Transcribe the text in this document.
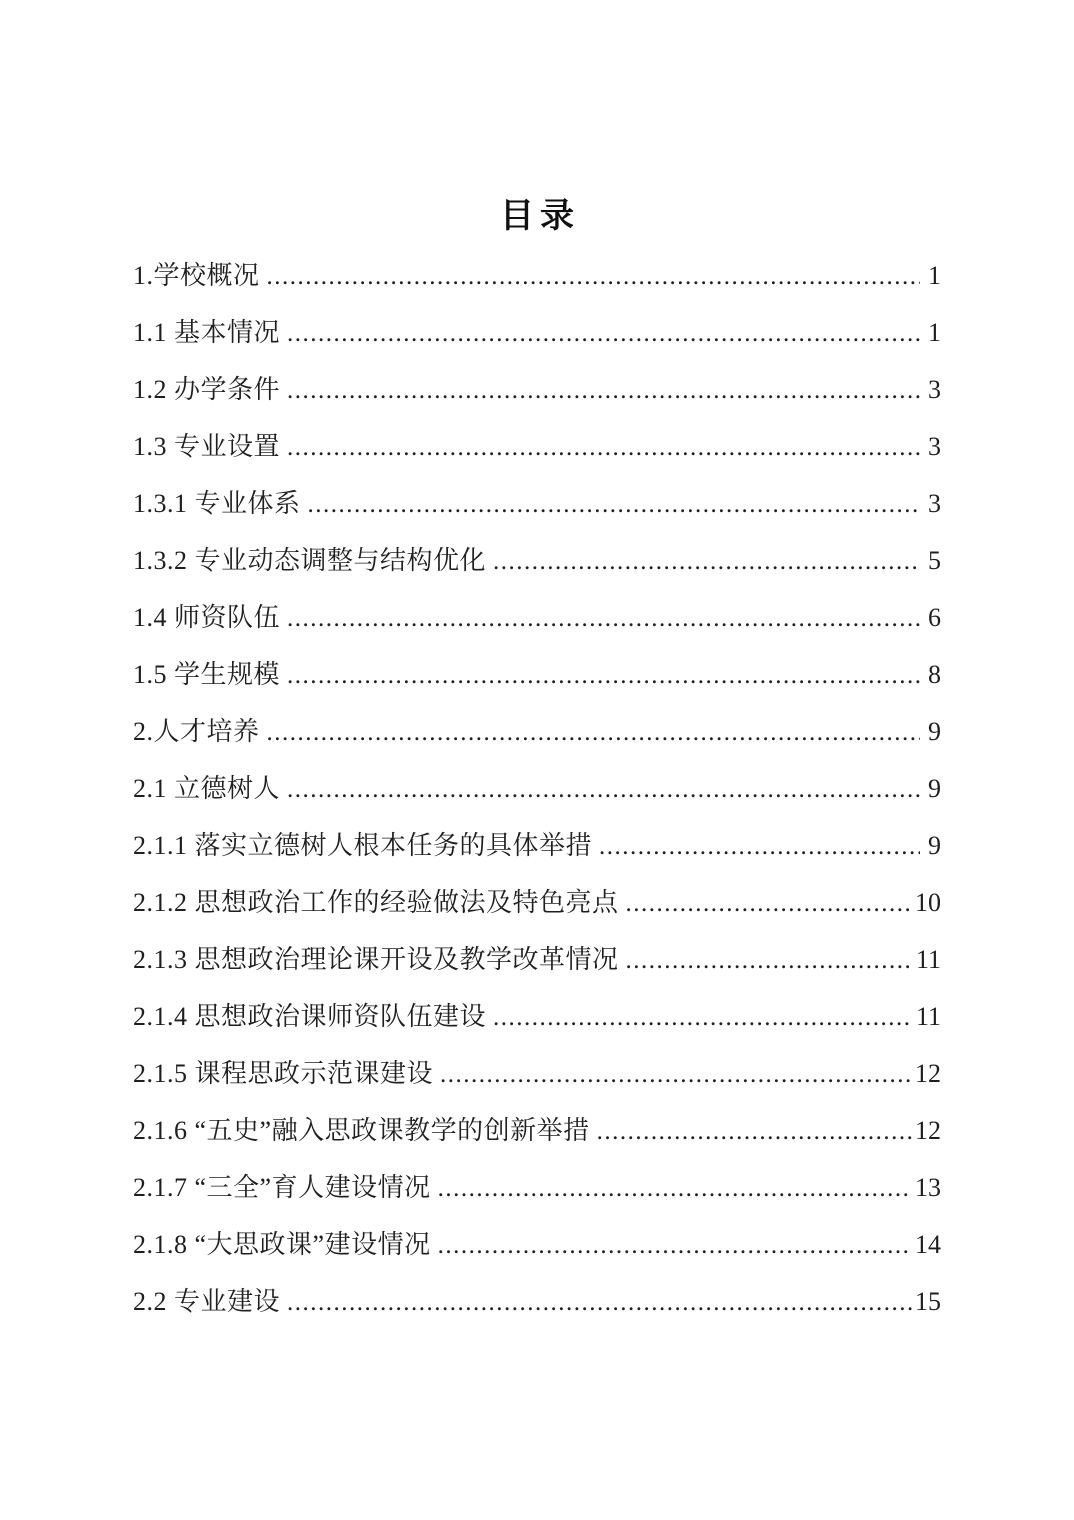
目录
1.学校概况 .....	1
1.1 基本情况 .....	1
1.2 办学条件 .....	3
1.3 专业设置 .....	3
1.3.1 专业体系 .....	3
1.3.2 专业动态调整与结构优化 .....	5
1.4 师资队伍 .....	6
1.5 学生规模 .....	8
2.人才培养 .....	9
2.1 立德树人 .....	9
2.1.1 落实立德树人根本任务的具体举措 .....	9
2.1.2 思想政治工作的经验做法及特色亮点 .....	10
2.1.3 思想政治理论课开设及教学改革情况 .....	11
2.1.4 思想政治课师资队伍建设 .....	11
2.1.5 课程思政示范课建设 .....	12
2.1.6 “五史”融入思政课教学的创新举措 .....	12
2.1.7 “三全”育人建设情况 .....	13
2.1.8 “大思政课”建设情况 .....	14
2.2 专业建设 .....	15
